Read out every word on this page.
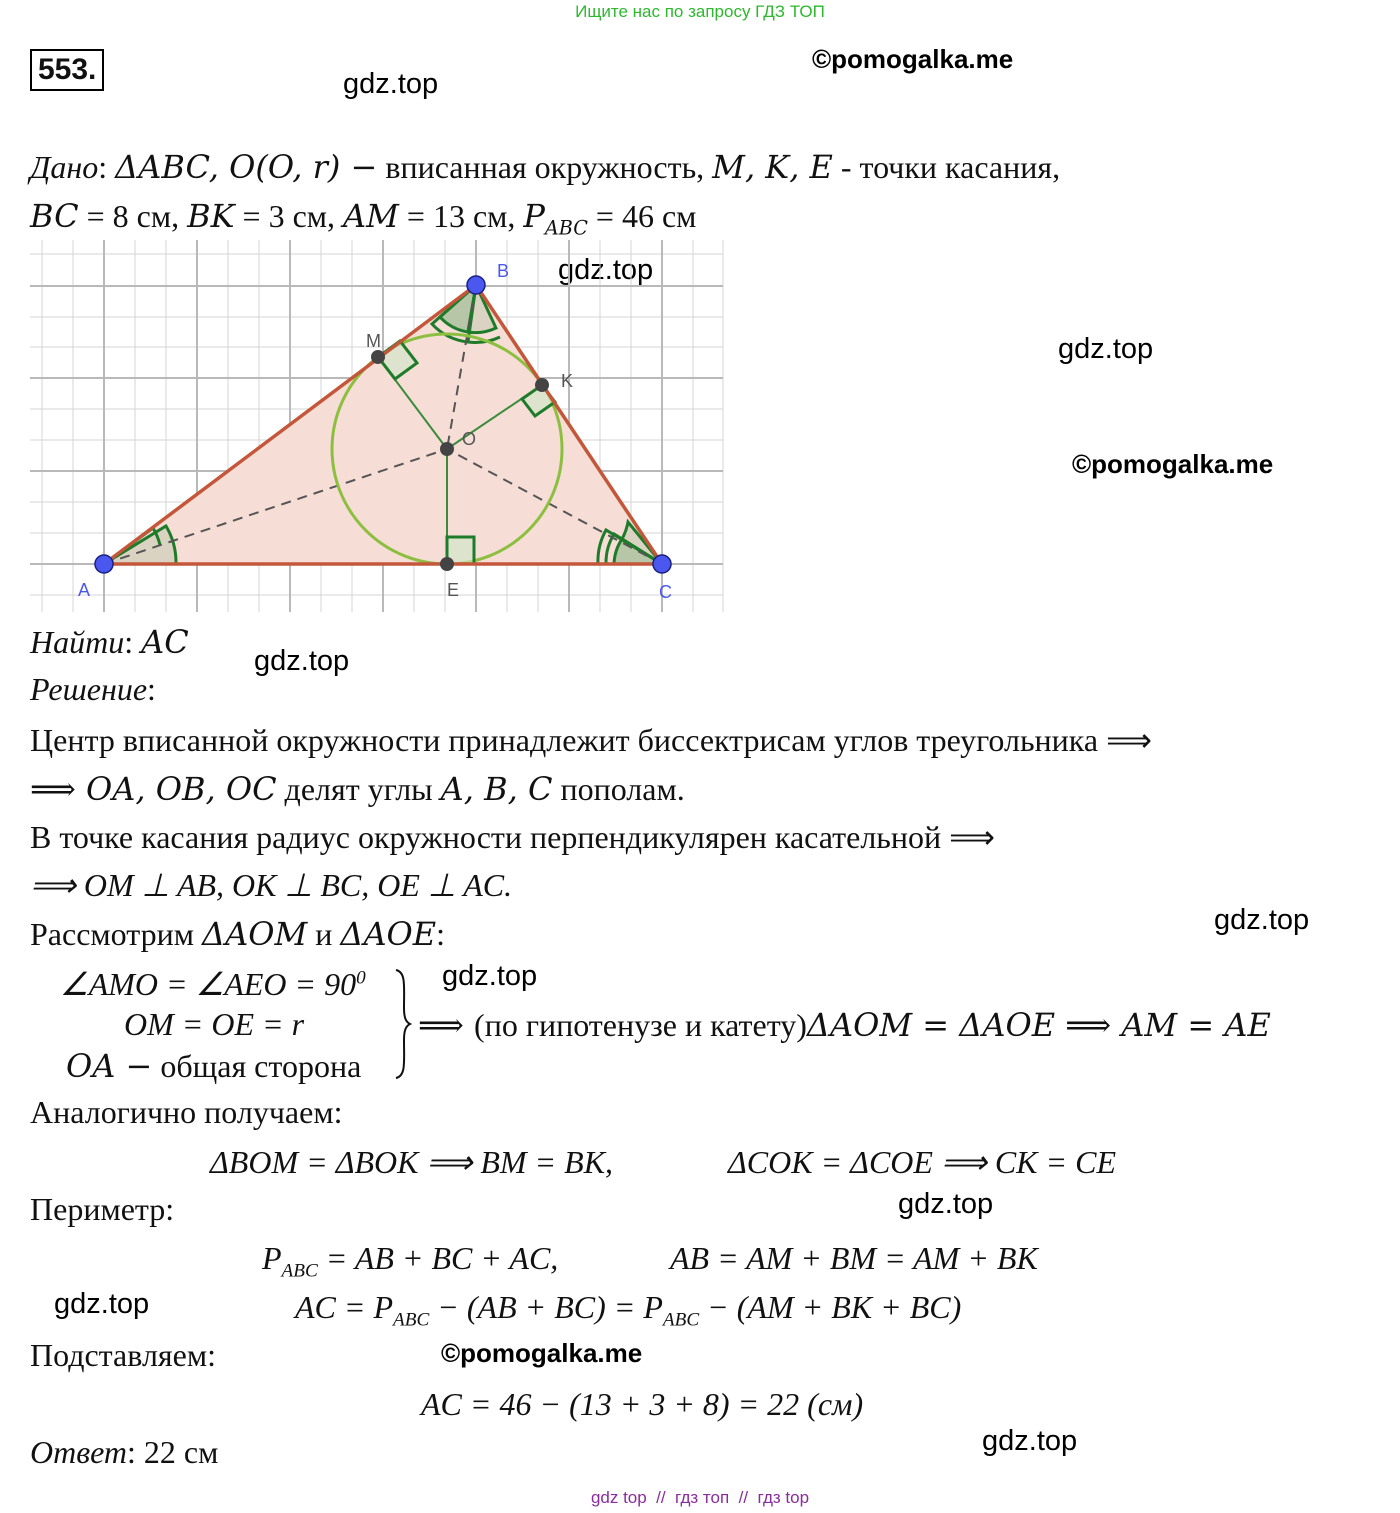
Ищите нас по запросу ГДЗ ТОП
553.	gdz.top
©pomogalka.me
gdz.top
gdz.top
©pomogalka.me
gdz.top
gdz.top
gdz.top
gdz.top
gdz.top
©pomogalka.me
gdz.top
Дано: ΔABC, O(O, r) − вписанная окружность, M, K, E - точки касания,
BC = 8 см, BK = 3 см, AM = 13 см, $P_{ABC} = 46$ см
A
B
C
M
K
E
O
Найти: AC
Решение:
Центр вписанной окружности принадлежит биссектрисам углов треугольника ⟹
⟹ OA, OB, OC делят углы A, B, C пополам.
В точке касания радиус окружности перпендикулярен касательной ⟹
⟹ OM ⊥ AB, OK ⊥ BC, OE ⊥ AC.
Рассмотрим ΔAOM и ΔAOE:
∠AMO = ∠AEO = $90^0$
OM = OE = r
OA − общая сторона
⟹ (по гипотенузе и катету)ΔAOM = ΔAOE ⟹ AM = AE
Аналогично получаем:
ΔBOM = ΔBOK ⟹ BM = BK,	ΔCOK = ΔCOE ⟹ CK = CE
Периметр:
$P_{ABC}$ = AB + BC + AC,	AB = AM + BM = AM + BK
AC = $P_{ABC} - (AB + BC) = P_{ABC} - (AM$ + BK + BC)
Подставляем:
AC = 46 − (13 + 3 + 8) = 22 (см)
Ответ: 22 см
gdz top  //  гдз топ  //  гдз top
